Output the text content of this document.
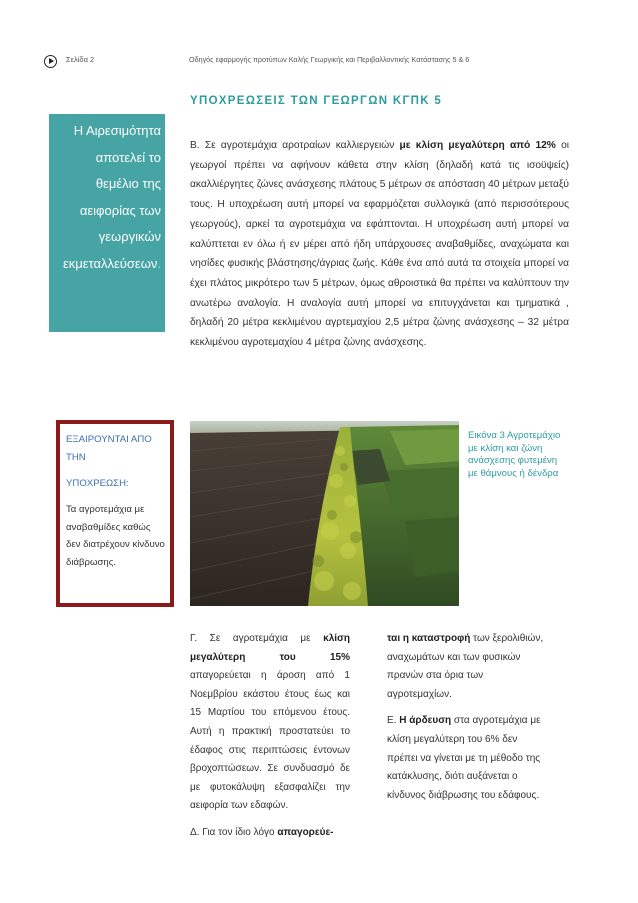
Σελίδα 2	Οδηγός εφαρμογής προτύπων Καλής Γεωργικής και Περιβαλλοντικής Κατάστασης 5 & 6
ΥΠΟΧΡΕΩΣΕΙΣ ΤΩΝ ΓΕΩΡΓΩΝ ΚΓΠΚ 5
Η Αιρεσιμότητα
αποτελεί το
θεμέλιο της
αειφορίας των
γεωργικών
εκμεταλλεύσεων.

Β. Σε αγροτεμάχια αροτραίων καλλιεργειών με κλίση μεγαλύτερη από 12% οι γεωργοί πρέπει να αφήνουν κάθετα στην κλίση (δηλαδή κατά τις ισοϋψείς) ακαλλιέργητες ζώνες ανάσχεσης πλάτους 5 μέτρων σε απόσταση 40 μέτρων μεταξύ τους. Η υποχρέωση αυτή μπορεί να εφαρμόζεται συλλογικά (από περισσότερους γεωργούς), αρκεί τα αγροτεμάχια να εφάπτονται. Η υποχρέωση αυτή μπορεί να καλύπτεται εν όλω ή εν μέρει από ήδη υπάρχουσες αναβαθμίδες, αναχώματα και νησίδες φυσικής βλάστησης/άγριας ζωής. Κάθε ένα από αυτά τα στοιχεία μπορεί να έχει πλάτος μικρότερο των 5 μέτρων, όμως αθροιστικά θα πρέπει να καλύπτουν την ανωτέρω αναλογία. Η αναλογία αυτή μπορεί να επιτυγχάνεται και τμηματικά , δηλαδή 20 μέτρα κεκλιμένου αγρτεμαχίου 2,5 μέτρα ζώνης ανάσχεσης – 32 μέτρα κεκλιμένου αγροτεμαχίου 4 μέτρα ζώνης ανάσχεσης.

ΕΞΑΙΡΟΥΝΤΑΙ ΑΠΟ ΤΗΝ
ΥΠΟΧΡΕΩΣΗ:
Τα αγροτεμάχια με αναβαθμίδες καθώς δεν διατρέχουν κίνδυνο διάβρωσης.
Εικόνα 3 Αγροτεμάχιο με κλίση και ζώνη ανάσχεσης φυτεμένη με θάμνους ή δένδρα

Γ. Σε αγροτεμάχια με κλίση μεγαλύτερη του 15% απαγορεύεται η άροση από 1 Νοεμβρίου εκάστου έτους έως και 15 Μαρτίου του επόμενου έτους. Αυτή η πρακτική προστατεύει το έδαφος στις περιπτώσεις έντονων βροχοπτώσεων. Σε συνδυασμό δε με φυτοκάλυψη εξασφαλίζει την αειφορία των εδαφών.

Δ. Για τον ίδιο λόγο απαγορεύε-

ται η καταστροφή των ξερολιθιών, αναχωμάτων και των φυσικών πρανών στα όρια των αγροτεμαχίων.

Ε. Η άρδευση στα αγροτεμάχια με κλίση μεγαλύτερη του 6% δεν πρέπει να γίνεται με τη μέθοδο της κατάκλυσης, διότι αυξάνεται ο κίνδυνος διάβρωσης του εδάφους.
